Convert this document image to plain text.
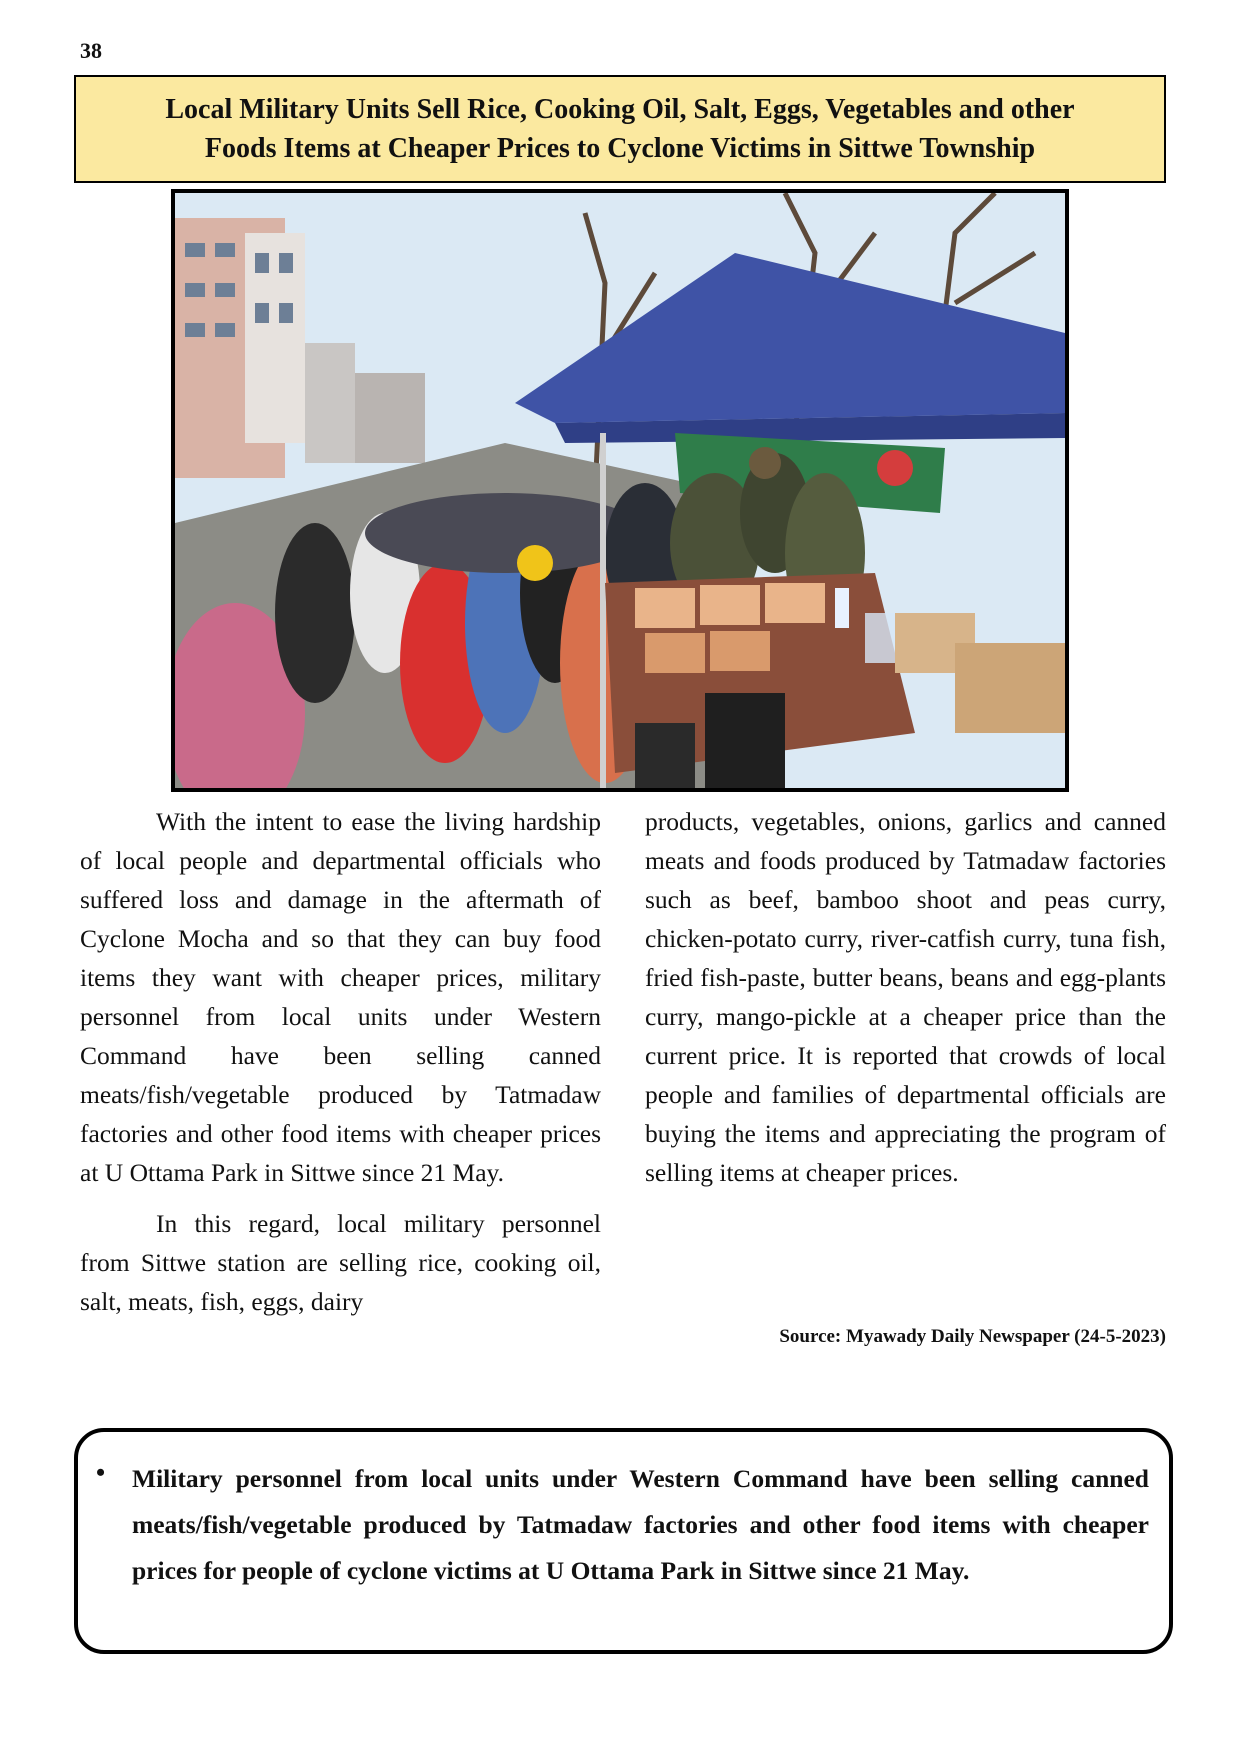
38
Local Military Units Sell Rice, Cooking Oil, Salt, Eggs, Vegetables and other
Foods Items at Cheaper Prices to Cyclone Victims in Sittwe Township

With the intent to ease the living hardship of local people and departmental officials who suffered loss and damage in the aftermath of Cyclone Mocha and so that they can buy food items they want with cheaper prices, military personnel from local units under Western Command have been selling canned meats/fish/vegetable produced by Tatmadaw factories and other food items with cheaper prices at U Ottama Park in Sittwe since 21 May.

In this regard, local military personnel from Sittwe station are selling rice, cooking oil, salt, meats, fish, eggs, dairy

products, vegetables, onions, garlics and canned meats and foods produced by Tatmadaw factories such as beef, bamboo shoot and peas curry, chicken-potato curry, river-catfish curry, tuna fish, fried fish-paste, butter beans, beans and egg-plants curry, mango-pickle at a cheaper price than the current price. It is reported that crowds of local people and families of departmental officials are buying the items and appreciating the program of selling items at cheaper prices.

Source: Myawady Daily Newspaper (24-5-2023)
• Military personnel from local units under Western Command have been selling canned meats/fish/vegetable produced by Tatmadaw factories and other food items with cheaper prices for people of cyclone victims at U Ottama Park in Sittwe since 21 May.
